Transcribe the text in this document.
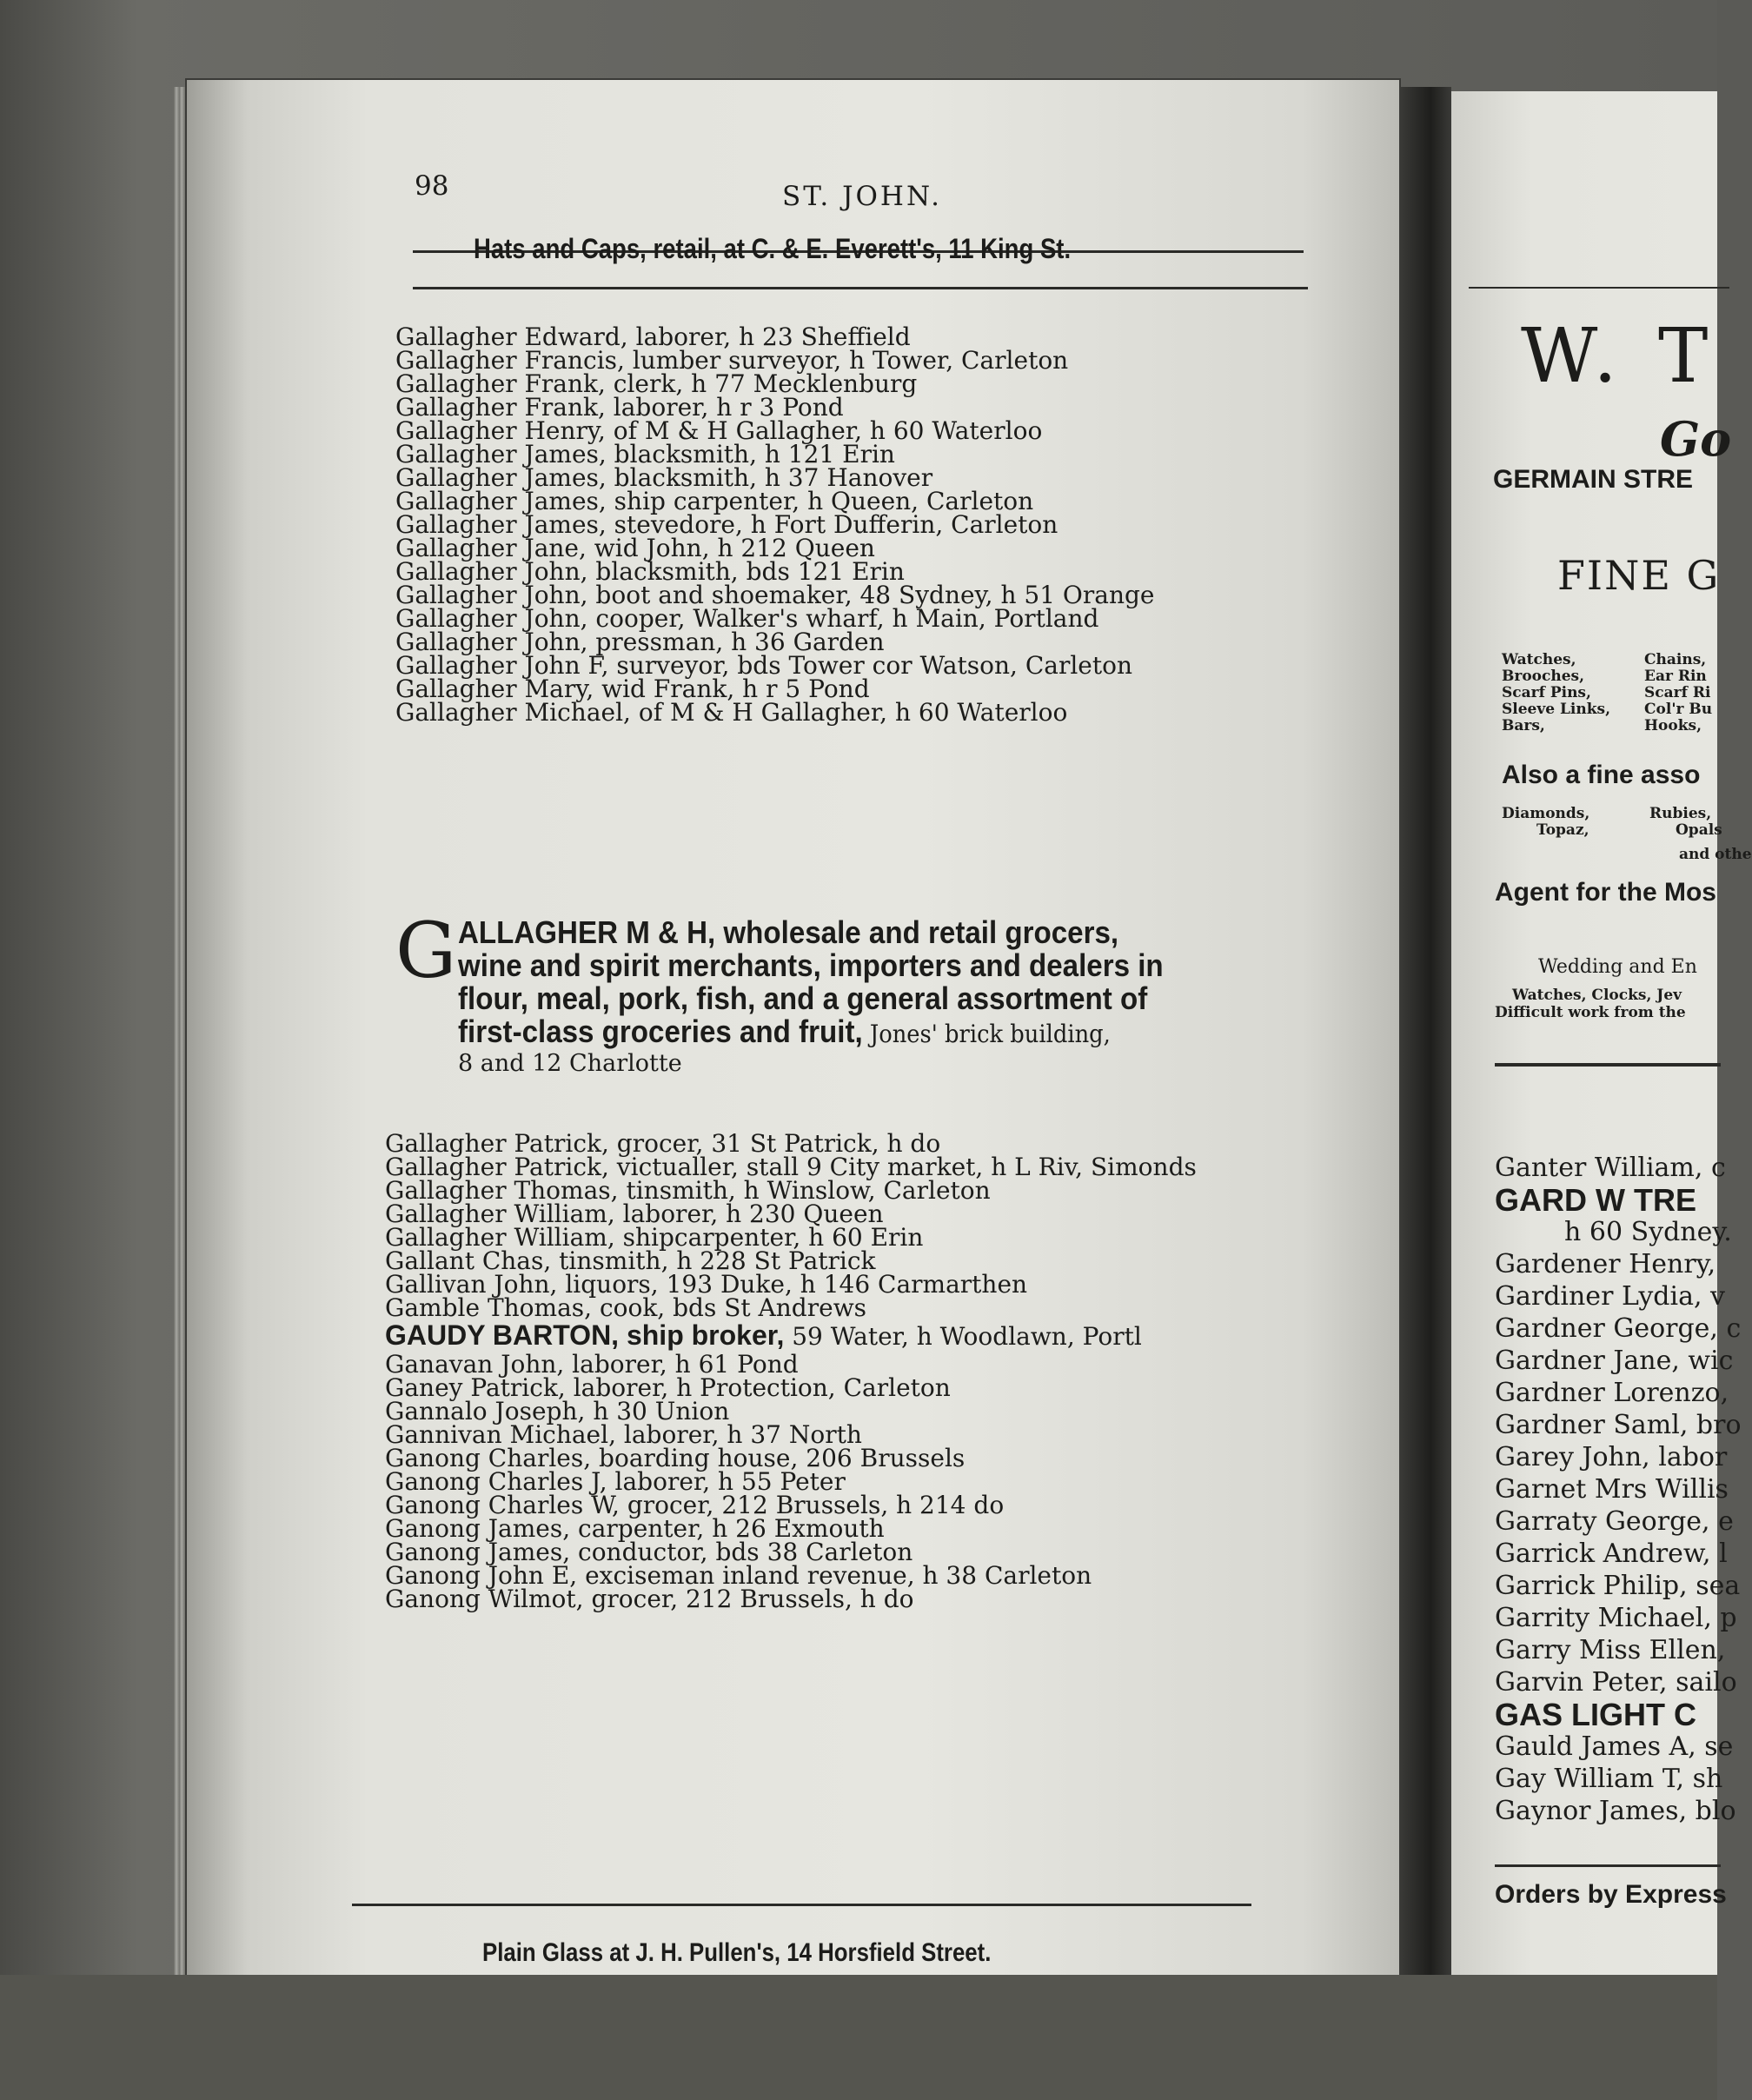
98	ST. JOHN.
Hats and Caps, retail, at C. & E. Everett's, 11 King St.

Gallagher Edward, laborer, h 23 Sheffield

Gallagher Francis, lumber surveyor, h Tower, Carleton

Gallagher Frank, clerk, h 77 Mecklenburg

Gallagher Frank, laborer, h r 3 Pond

Gallagher Henry, of M & H Gallagher, h 60 Waterloo

Gallagher James, blacksmith, h 121 Erin

Gallagher James, blacksmith, h 37 Hanover

Gallagher James, ship carpenter, h Queen, Carleton

Gallagher James, stevedore, h Fort Dufferin, Carleton

Gallagher Jane, wid John, h 212 Queen

Gallagher John, blacksmith, bds 121 Erin

Gallagher John, boot and shoemaker, 48 Sydney, h 51 Orange

Gallagher John, cooper, Walker's wharf, h Main, Portland

Gallagher John, pressman, h 36 Garden

Gallagher John F, surveyor, bds Tower cor Watson, Carleton

Gallagher Mary, wid Frank, h r 5 Pond

Gallagher Michael, of M & H Gallagher, h 60 Waterloo

G ALLAGHER M & H, wholesale and retail grocers,
wine and spirit merchants, importers and dealers in
flour, meal, pork, fish, and a general assortment of
first-class groceries and fruit, Jones' brick building,
8 and 12 Charlotte

Gallagher Patrick, grocer, 31 St Patrick, h do

Gallagher Patrick, victualler, stall 9 City market, h L Riv, Simonds

Gallagher Thomas, tinsmith, h Winslow, Carleton

Gallagher William, laborer, h 230 Queen

Gallagher William, shipcarpenter, h 60 Erin

Gallant Chas, tinsmith, h 228 St Patrick

Gallivan John, liquors, 193 Duke, h 146 Carmarthen

Gamble Thomas, cook, bds St Andrews

GAUDY BARTON, ship broker, 59 Water, h Woodlawn, Portl

Ganavan John, laborer, h 61 Pond

Ganey Patrick, laborer, h Protection, Carleton

Gannalo Joseph, h 30 Union

Gannivan Michael, laborer, h 37 North

Ganong Charles, boarding house, 206 Brussels

Ganong Charles J, laborer, h 55 Peter

Ganong Charles W, grocer, 212 Brussels, h 214 do

Ganong James, carpenter, h 26 Exmouth

Ganong James, conductor, bds 38 Carleton

Ganong John E, exciseman inland revenue, h 38 Carleton

Ganong Wilmot, grocer, 212 Brussels, h do

Plain Glass at J. H. Pullen's, 14 Horsfield Street.
W. T
Go
GERMAIN STRE
FINE G
Watches,
Brooches,
Scarf Pins,
Sleeve Links,
Bars,
Chains,
Ear Rin
Scarf Ri
Col'r Bu
Hooks,
Also a fine asso
Diamonds,
Topaz,
Rubies,
Opals
and othe
Agent for the Mos
Wedding and En
Watches, Clocks, Jev
Difficult work from the
Ganter William, c
GARD W TRE
h 60 Sydney.
Gardener Henry,
Gardiner Lydia, v
Gardner George, c
Gardner Jane, wic
Gardner Lorenzo,
Gardner Saml, bro
Garey John, labor
Garnet Mrs Willis
Garraty George, e
Garrick Andrew, l
Garrick Philip, sea
Garrity Michael, p
Garry Miss Ellen,
Garvin Peter, sailo
GAS LIGHT C
Gauld James A, se
Gay William T, sh
Gaynor James, blo
Orders by Express
